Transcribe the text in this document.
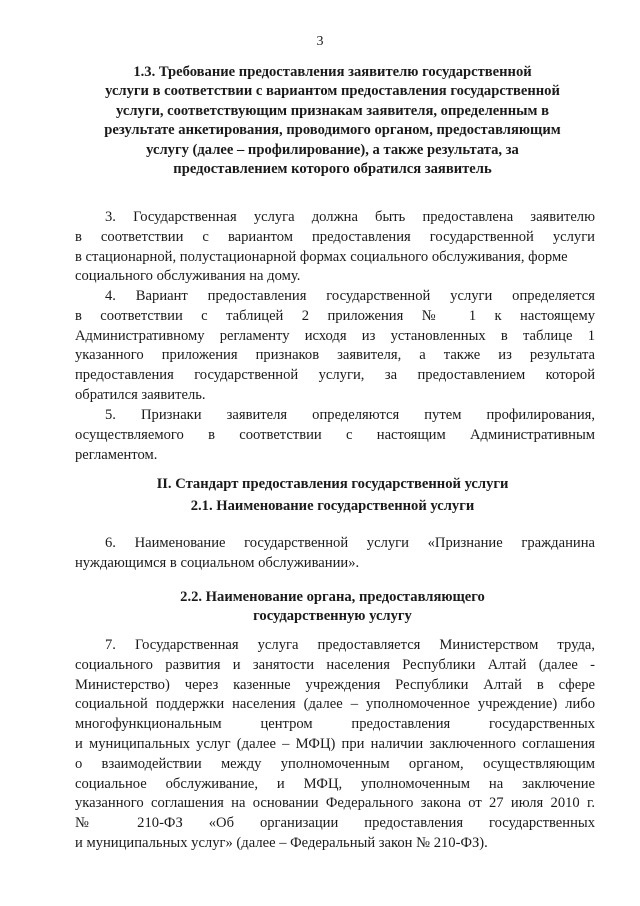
3
1.3. Требование предоставления заявителю государственной
услуги в соответствии с вариантом предоставления государственной
услуги, соответствующим признакам заявителя, определенным в
результате анкетирования, проводимого органом, предоставляющим
услугу (далее – профилирование), а также результата, за
предоставлением которого обратился заявитель
3. Государственная услуга должна быть предоставлена заявителю
в соответствии с вариантом предоставления государственной услуги
в стационарной, полустационарной формах социального обслуживания, форме
социального обслуживания на дому.
4. Вариант предоставления государственной услуги определяется
в соответствии с таблицей 2 приложения № 1 к настоящему
Административному регламенту исходя из установленных в таблице 1
указанного приложения признаков заявителя, а также из результата
предоставления государственной услуги, за предоставлением которой
обратился заявитель.
5. Признаки заявителя определяются путем профилирования,
осуществляемого в соответствии с настоящим Административным
регламентом.
II. Стандарт предоставления государственной услуги
2.1. Наименование государственной услуги
6. Наименование государственной услуги «Признание гражданина
нуждающимся в социальном обслуживании».
2.2. Наименование органа, предоставляющего
государственную услугу
7. Государственная услуга предоставляется Министерством труда,
социального развития и занятости населения Республики Алтай (далее -
Министерство) через казенные учреждения Республики Алтай в сфере
социальной поддержки населения (далее – уполномоченное учреждение) либо
многофункциональным центром предоставления государственных
и муниципальных услуг (далее – МФЦ) при наличии заключенного соглашения
о взаимодействии между уполномоченным органом, осуществляющим
социальное обслуживание, и МФЦ, уполномоченным на заключение
указанного соглашения на основании Федерального закона от 27 июля 2010 г.
№ 210-ФЗ «Об организации предоставления государственных
и муниципальных услуг» (далее – Федеральный закон № 210-ФЗ).
